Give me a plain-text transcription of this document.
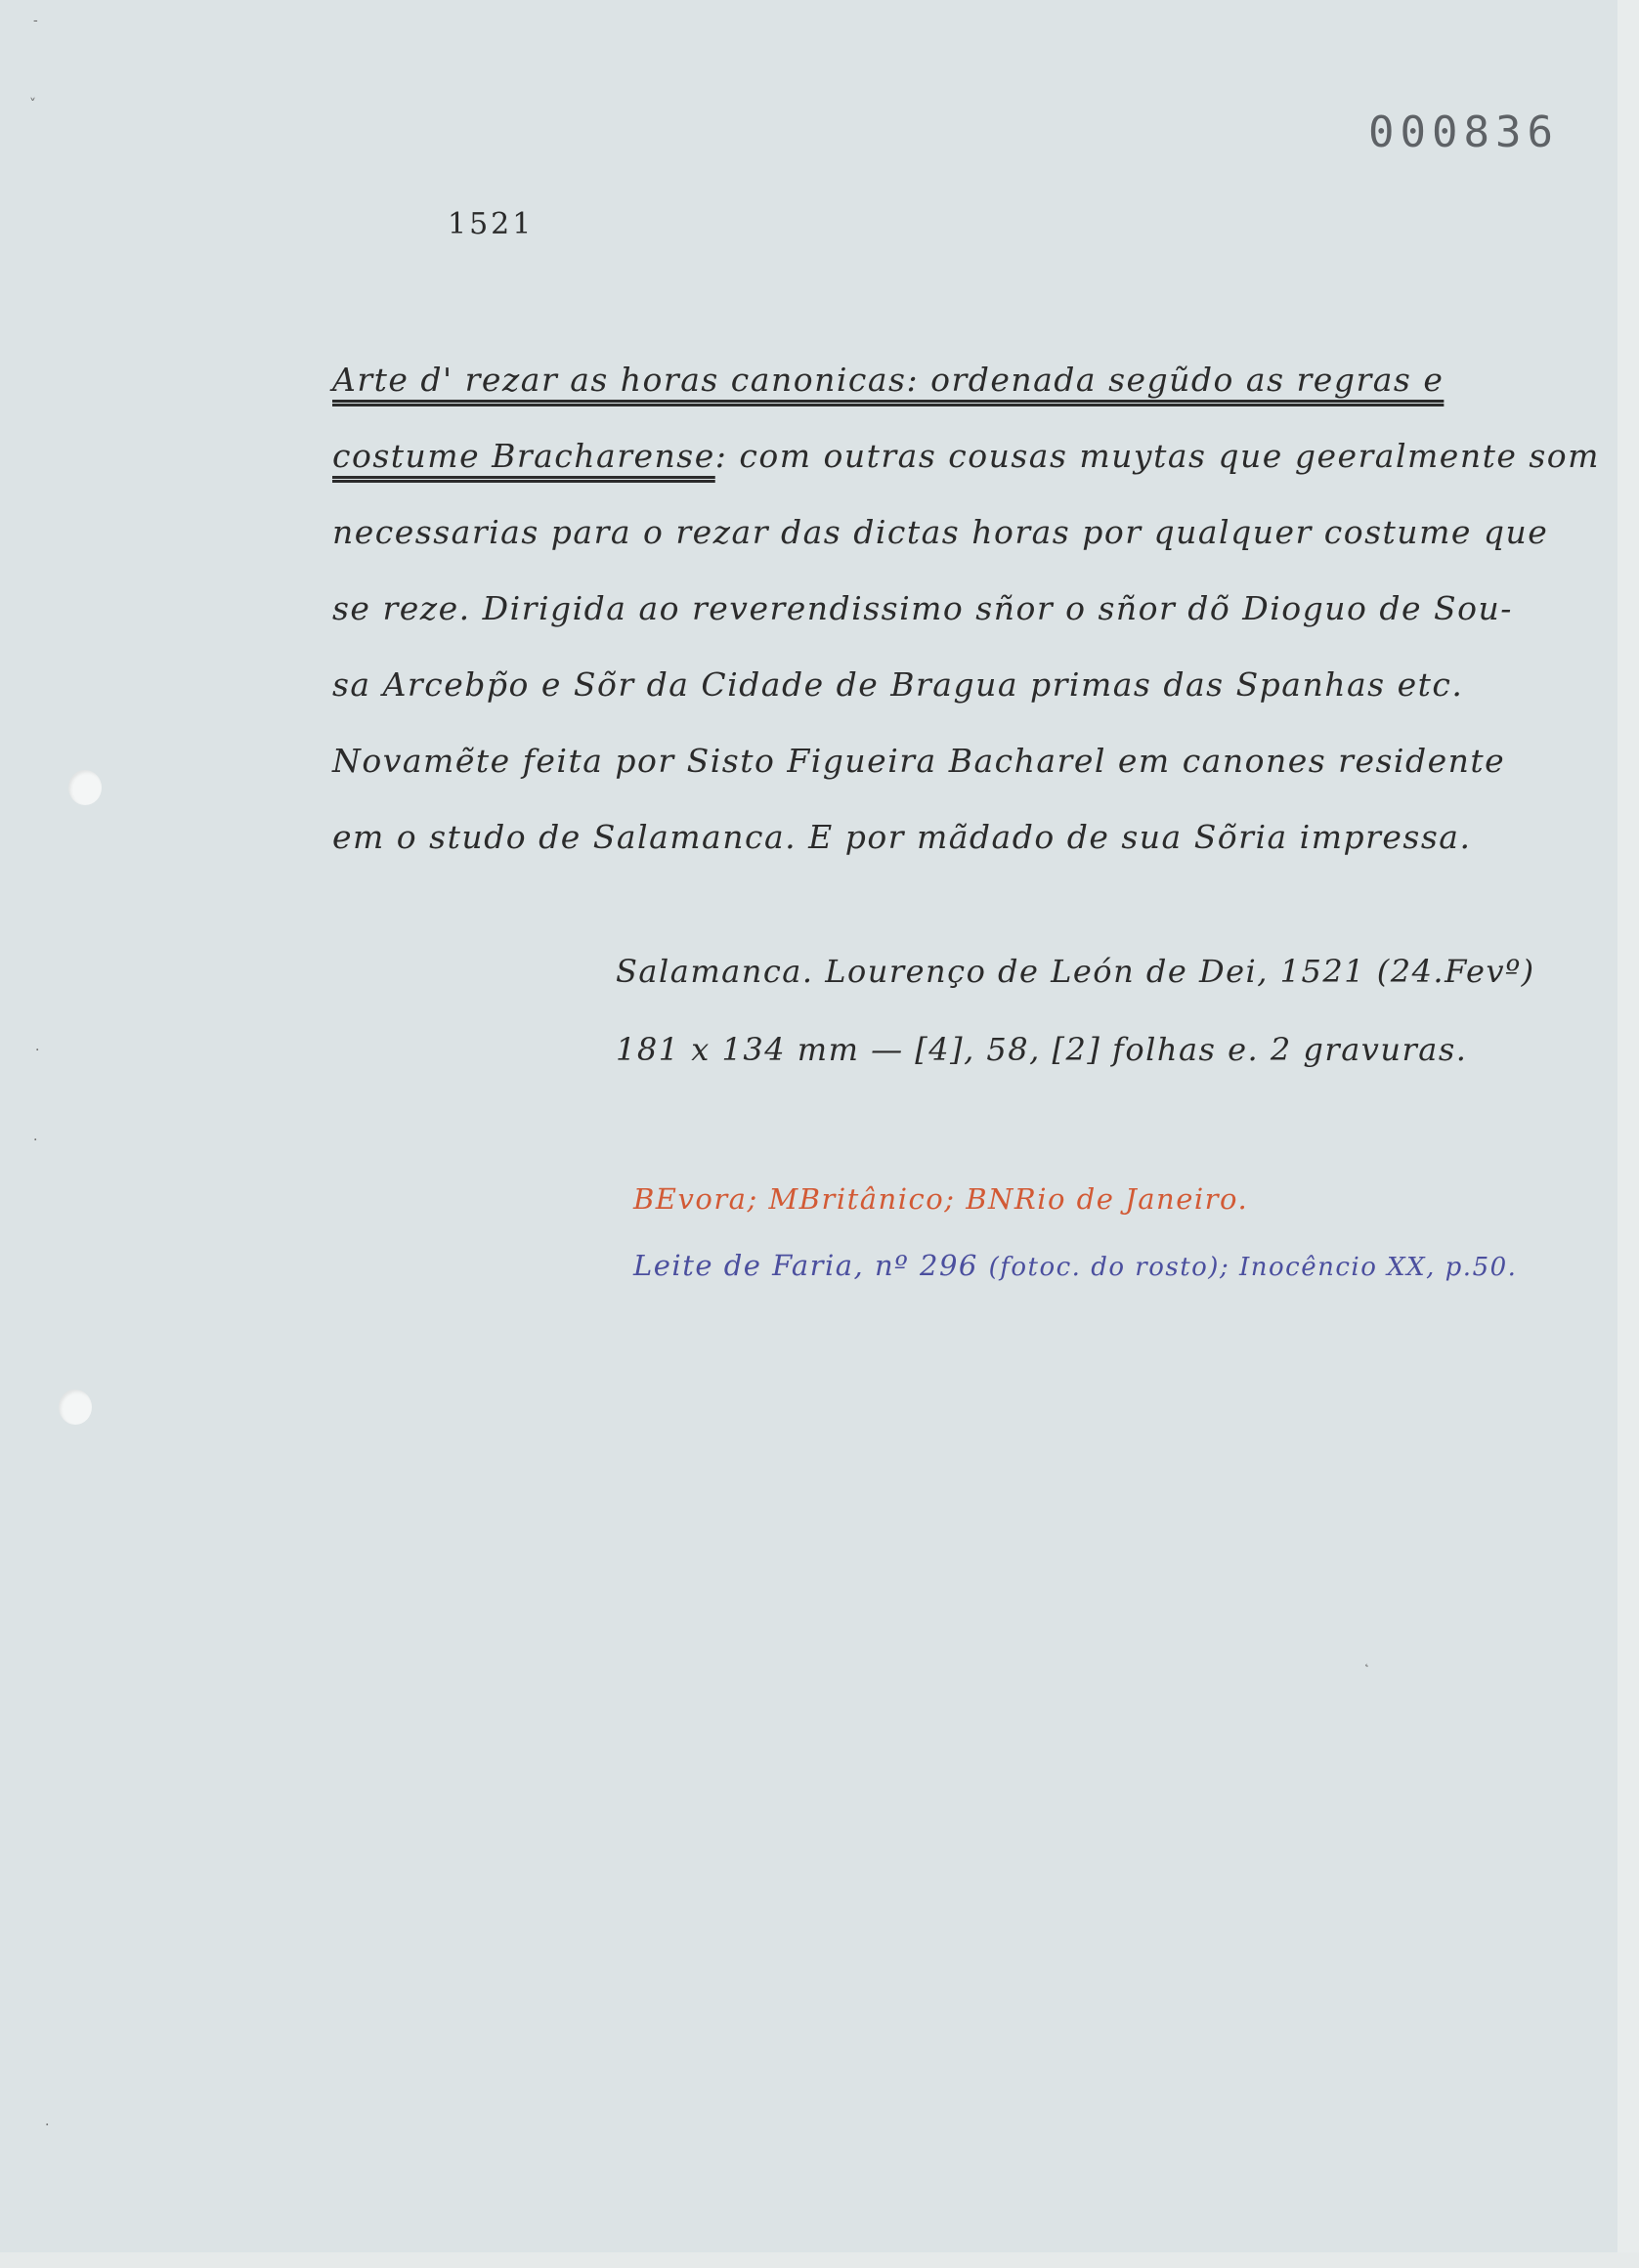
-
˅
·
·
˛
·
000836
1521
Arte d' rezar as horas canonicas: ordenada segũdo as regras e
costume Bracharense: com outras cousas muytas que geeralmente som
necessarias para o rezar das dictas horas por qualquer costume que
se reze. Dirigida ao reverendissimo sñor o sñor dõ Dioguo de Sou-
sa Arcebp̃o e Sõr da Cidade de Bragua primas das Spanhas etc.
Novamẽte feita por Sisto Figueira Bacharel em canones residente
em o studo de Salamanca. E por mãdado de sua Sõria impressa.
Salamanca. Lourenço de León de Dei, 1521 (24.Fevº)
181 x 134 mm — [4], 58, [2] folhas e. 2 gravuras.
BEvora; MBritânico; BNRio de Janeiro.
Leite de Faria, nº 296 (fotoc. do rosto); Inocêncio XX, p.50.
